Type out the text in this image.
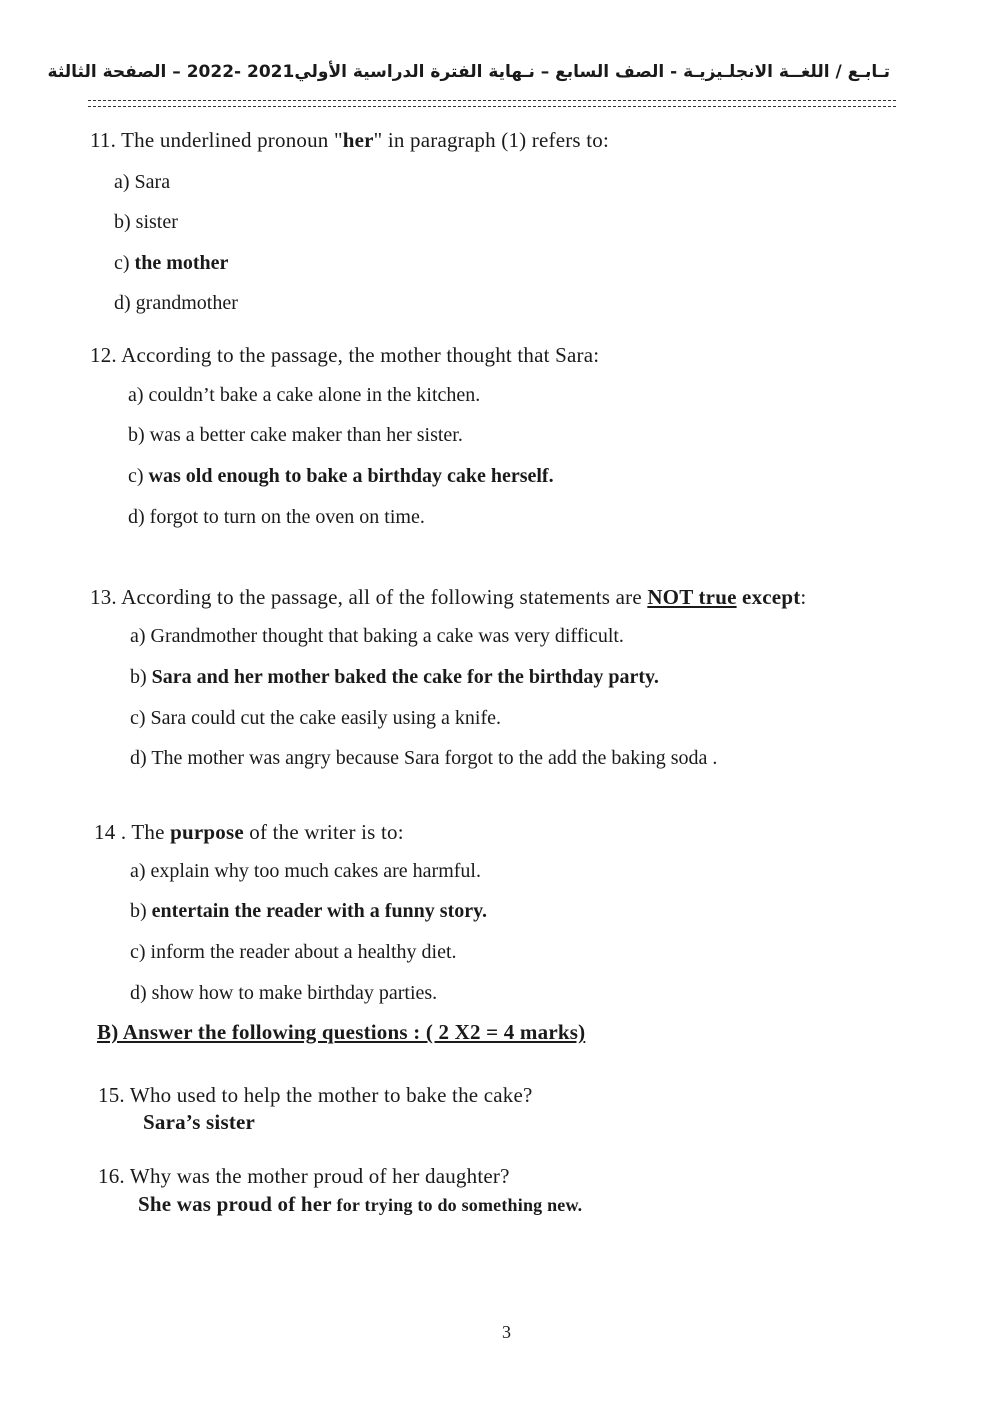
تـابـع / اللغــة الانجلـيزيـة - الصف السابع – نـهاية الفترة الدراسية الأولي2021 -2022 – الصفحة الثالثة
11. The underlined pronoun "her" in paragraph (1) refers to:
a) Sara
b) sister
c) the mother
d) grandmother
12. According to the passage, the mother thought that Sara:
a) couldn’t bake a cake alone in the kitchen.
b) was a better cake maker than her sister.
c) was old enough to bake a birthday cake herself.
d) forgot to turn on the oven on time.
13. According to the passage, all of the following statements are NOT true except:
a) Grandmother thought that baking a cake was very difficult.
b) Sara and her mother baked the cake for the birthday party.
c) Sara could cut the cake easily using a knife.
d) The mother was angry because Sara forgot to the add the baking soda .
14 . The purpose of the writer is to:
a) explain why too much cakes are harmful.
b) entertain the reader with a funny story.
c) inform the reader about a healthy diet.
d) show how to make birthday parties.
B) Answer the following questions : ( 2 X2 = 4 marks)
15. Who used to help the mother to bake the cake?
Sara’s sister
16. Why was the mother proud of her daughter?
She was proud of her for trying to do something new.
3
